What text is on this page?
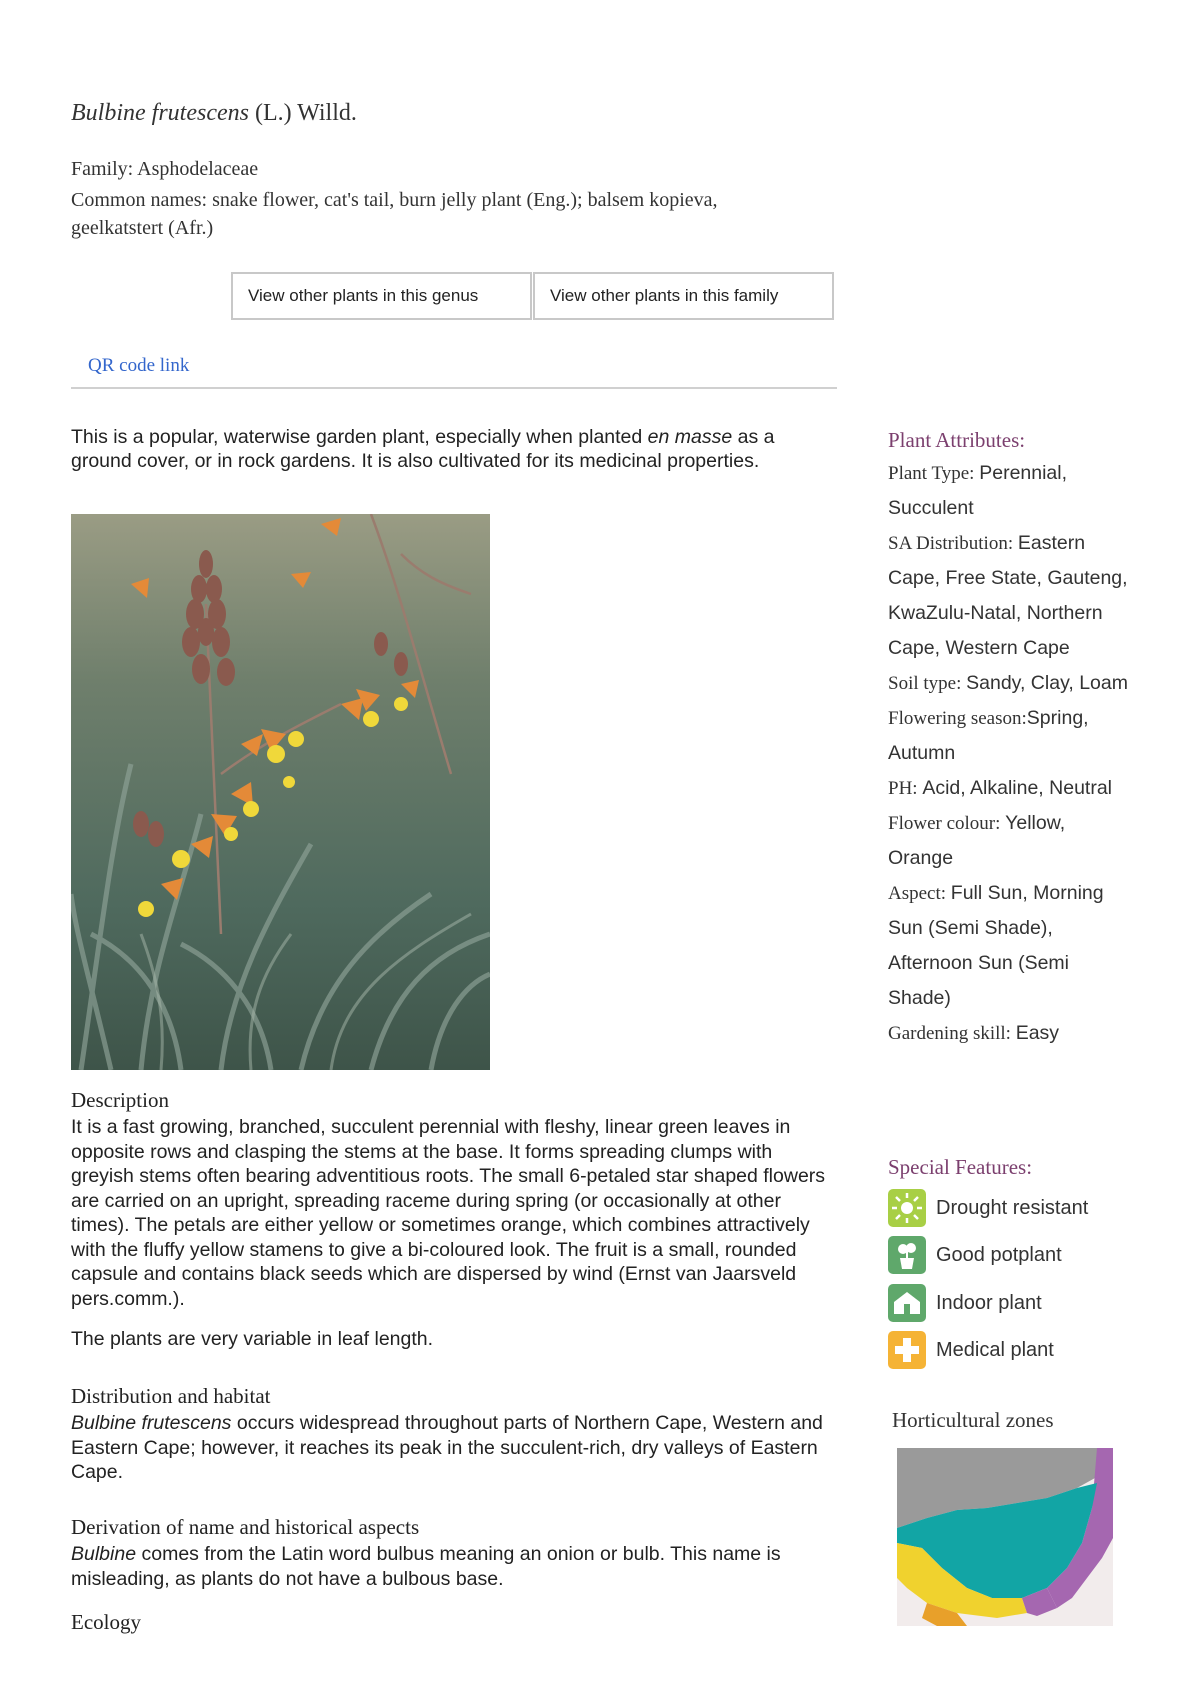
Bulbine frutescens (L.) Willd.
Family: Asphodelaceae
Common names: snake flower, cat's tail, burn jelly plant (Eng.); balsem kopieva, geelkatstert (Afr.)
View other plants in this genus	View other plants in this family
QR code link
This is a popular, waterwise garden plant, especially when planted en masse as a ground cover, or in rock gardens. It is also cultivated for its medicinal properties.
Description
It is a fast growing, branched, succulent perennial with fleshy, linear green leaves in opposite rows and clasping the stems at the base. It forms spreading clumps with greyish stems often bearing adventitious roots. The small 6-petaled star shaped flowers are carried on an upright, spreading raceme during spring (or occasionally at other times). The petals are either yellow or sometimes orange, which combines attractively with the fluffy yellow stamens to give a bi-coloured look. The fruit is a small, rounded capsule and contains black seeds which are dispersed by wind (Ernst van Jaarsveld pers.comm.).
The plants are very variable in leaf length.
Distribution and habitat
Bulbine frutescens occurs widespread throughout parts of Northern Cape, Western and Eastern Cape; however, it reaches its peak in the succulent-rich, dry valleys of Eastern Cape.
Derivation of name and historical aspects
Bulbine comes from the Latin word bulbus meaning an onion or bulb. This name is misleading, as plants do not have a bulbous base.
Ecology
Plant Attributes:
Plant Type: Perennial, Succulent
SA Distribution: Eastern Cape, Free State, Gauteng, KwaZulu-Natal, Northern Cape, Western Cape
Soil type: Sandy, Clay, Loam
Flowering season:Spring, Autumn
PH: Acid, Alkaline, Neutral
Flower colour: Yellow, Orange
Aspect: Full Sun, Morning Sun (Semi Shade), Afternoon Sun (Semi Shade)
Gardening skill: Easy
Special Features:
Drought resistant
Good potplant
Indoor plant
Medical plant
Horticultural zones
